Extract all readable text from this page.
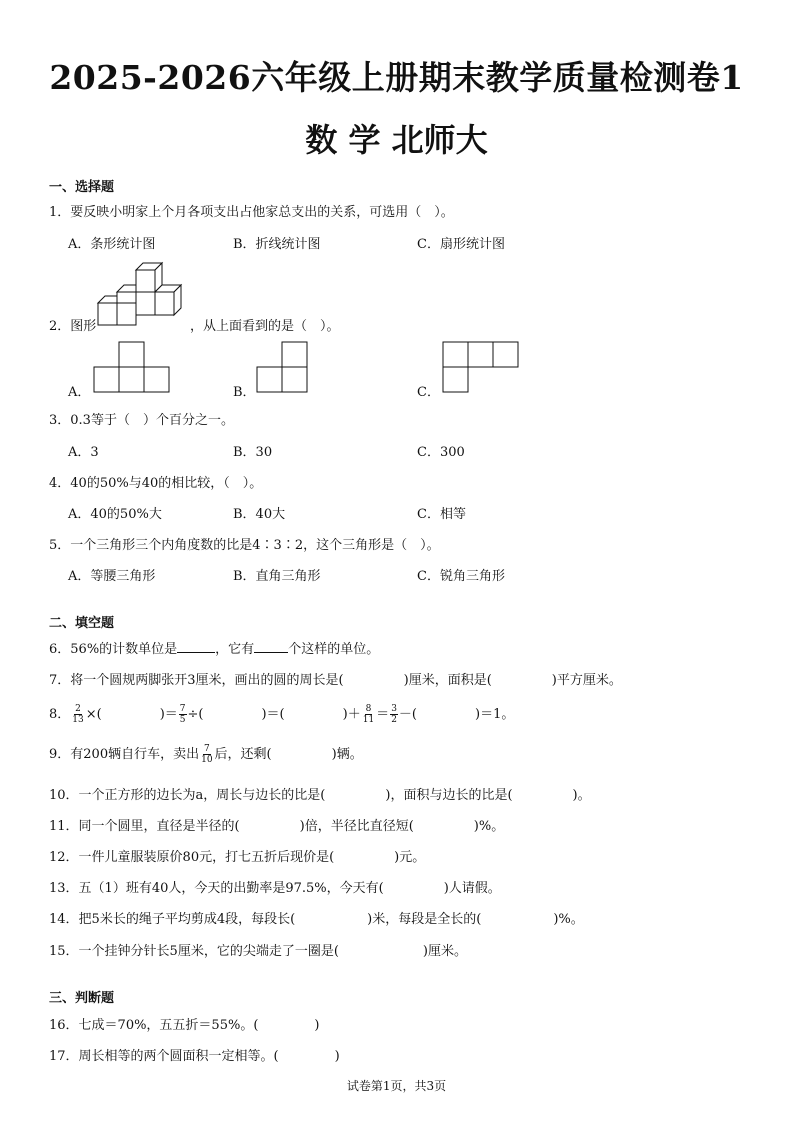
2025-2026六年级上册期末教学质量检测卷1
数 学 北师大
一、选择题
1．要反映小明家上个月各项支出占他家总支出的关系，可选用（　）。
A．条形统计图	B．折线统计图	C．扇形统计图
2．图形	，从上面看到的是（　）。
A．	B．	C．
3．0.3等于（　）个百分之一。
A．3	B．30	C．300
4．40的50%与40的相比较，（　）。
A．40的50%大	B．40大	C．相等
5．一个三角形三个内角度数的比是4∶3∶2，这个三角形是（　）。
A．等腰三角形	B．直角三角形	C．锐角三角形
二、填空题
6．56%的计数单位是	，它有	个这样的单位。
7．将一个圆规两脚张开3厘米，画出的圆的周长是(	)厘米，面积是(	)平方厘米。
8． $\frac{2}{13}$ ×(	)＝ $\frac{7}{5}$ ÷(	)＝(	)＋ $\frac{8}{11} = \frac{3}{2}$ －(	)＝1。
9．有200辆自行车，卖出 $\frac{7}{10}$ 后，还剩(	)辆。
10．一个正方形的边长为a，周长与边长的比是(	)，面积与边长的比是(	)。
11．同一个圆里，直径是半径的(	)倍，半径比直径短(	)%。
12．一件儿童服装原价80元，打七五折后现价是(	)元。
13．五（1）班有40人，今天的出勤率是97.5%，今天有(	)人请假。
14．把5米长的绳子平均剪成4段，每段长(	)米，每段是全长的(	)%。
15．一个挂钟分针长5厘米，它的尖端走了一圈是(	)厘米。
三、判断题
16．七成＝70%，五五折＝55%。(	)
17．周长相等的两个圆面积一定相等。(	)
试卷第1页，共3页
